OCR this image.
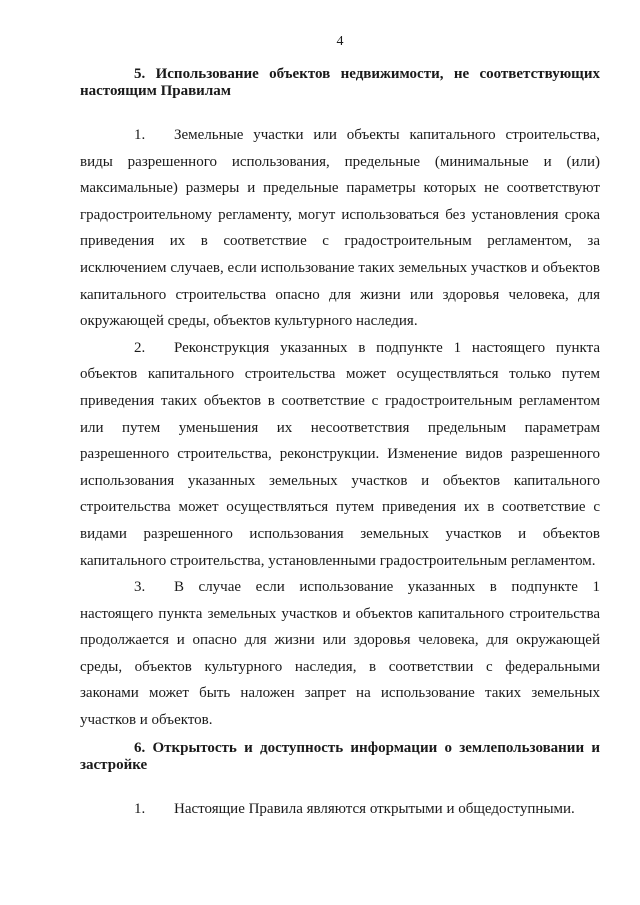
4
5. Использование объектов недвижимости, не соответствующих настоящим Правилам

1. Земельные участки или объекты капитального строительства, виды разрешенного использования, предельные (минимальные и (или) максимальные) размеры и предельные параметры которых не соответствуют градостроительному регламенту, могут использоваться без установления срока приведения их в соответствие с градостроительным регламентом, за исключением случаев, если использование таких земельных участков и объектов капитального строительства опасно для жизни или здоровья человека, для окружающей среды, объектов культурного наследия.

2. Реконструкция указанных в подпункте 1 настоящего пункта объектов капитального строительства может осуществляться только путем приведения таких объектов в соответствие с градостроительным регламентом или путем уменьшения их несоответствия предельным параметрам разрешенного строительства, реконструкции. Изменение видов разрешенного использования указанных земельных участков и объектов капитального строительства может осуществляться путем приведения их в соответствие с видами разрешенного использования земельных участков и объектов капитального строительства, установленными градостроительным регламентом.

3. В случае если использование указанных в подпункте 1 настоящего пункта земельных участков и объектов капитального строительства продолжается и опасно для жизни или здоровья человека, для окружающей среды, объектов культурного наследия, в соответствии с федеральными законами может быть наложен запрет на использование таких земельных участков и объектов.

6. Открытость и доступность информации о землепользовании и застройке

1. Настоящие Правила являются открытыми и общедоступными.
